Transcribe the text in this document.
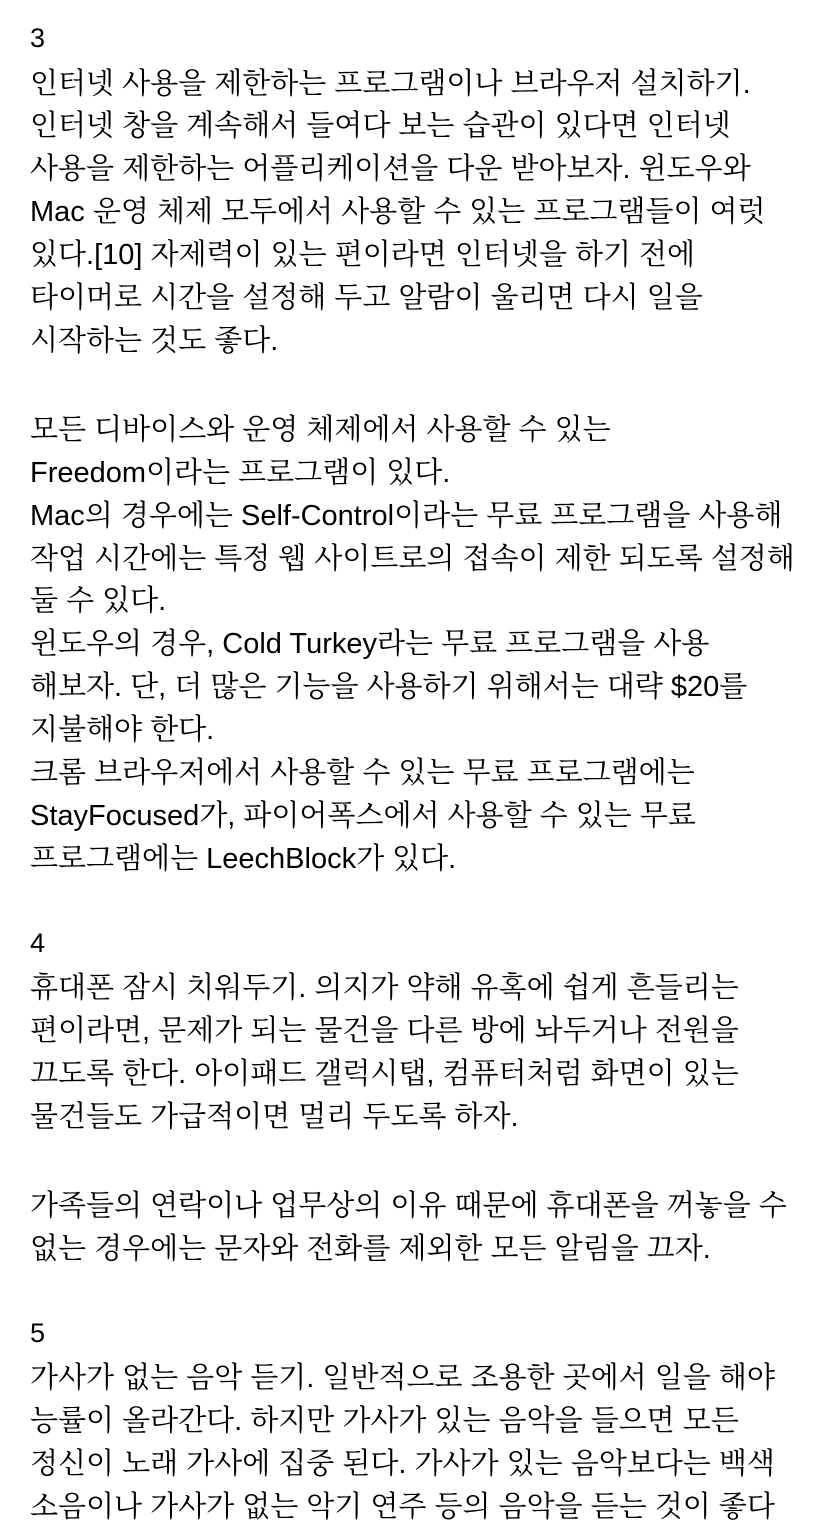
3

인터넷 사용을 제한하는 프로그램이나 브라우저 설치하기. 인터넷 창을 계속해서 들여다 보는 습관이 있다면 인터넷 사용을 제한하는 어플리케이션을 다운 받아보자. 윈도우와 Mac 운영 체제 모두에서 사용할 수 있는 프로그램들이 여럿 있다.[10] 자제력이 있는 편이라면 인터넷을 하기 전에 타이머로 시간을 설정해 두고 알람이 울리면 다시 일을 시작하는 것도 좋다.

모든 디바이스와 운영 체제에서 사용할 수 있는 Freedom이라는 프로그램이 있다.

Mac의 경우에는 Self-Control이라는 무료 프로그램을 사용해 작업 시간에는 특정 웹 사이트로의 접속이 제한 되도록 설정해 둘 수 있다.

윈도우의 경우, Cold Turkey라는 무료 프로그램을 사용 해보자. 단, 더 많은 기능을 사용하기 위해서는 대략 $20를 지불해야 한다.

크롬 브라우저에서 사용할 수 있는 무료 프로그램에는 StayFocused가, 파이어폭스에서 사용할 수 있는 무료 프로그램에는 LeechBlock가 있다.

4

휴대폰 잠시 치워두기. 의지가 약해 유혹에 쉽게 흔들리는 편이라면, 문제가 되는 물건을 다른 방에 놔두거나 전원을 끄도록 한다. 아이패드 갤럭시탭, 컴퓨터처럼 화면이 있는 물건들도 가급적이면 멀리 두도록 하자.

가족들의 연락이나 업무상의 이유 때문에 휴대폰을 꺼놓을 수 없는 경우에는 문자와 전화를 제외한 모든 알림을 끄자.

5

가사가 없는 음악 듣기. 일반적으로 조용한 곳에서 일을 해야 능률이 올라간다. 하지만 가사가 있는 음악을 들으면 모든 정신이 노래 가사에 집중 된다. 가사가 있는 음악보다는 백색 소음이나 가사가 없는 악기 연주 등의 음악을 듣는 것이 좋다
